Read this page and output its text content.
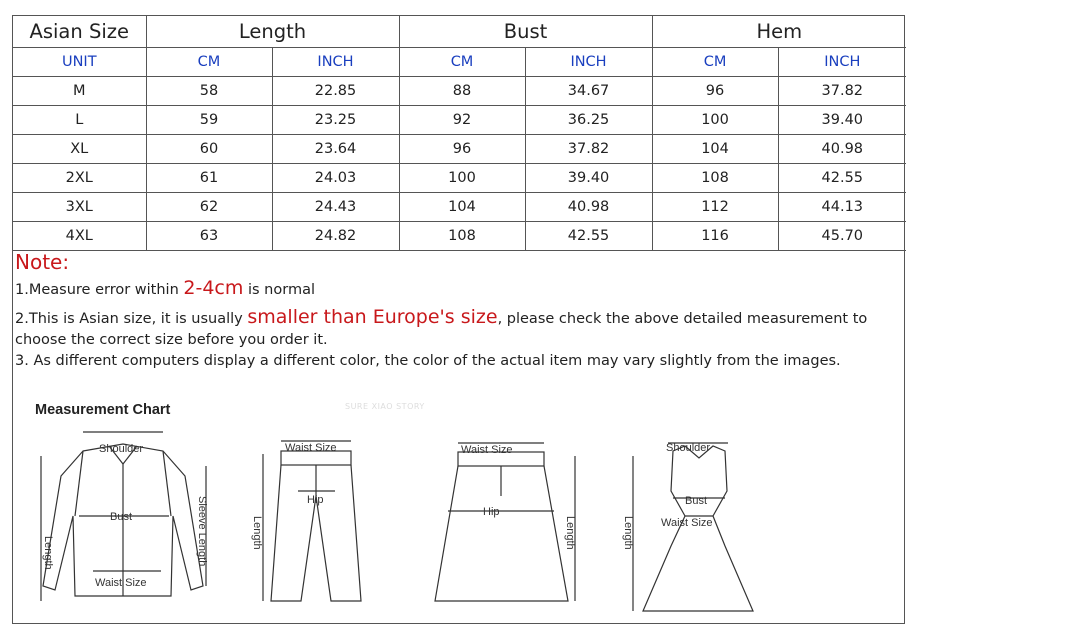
Asian Size	Length		Bust		Hem	
UNIT	CM	INCH	CM	INCH	CM	INCH
M	58	22.85	88	34.67	96	37.82
L	59	23.25	92	36.25	100	39.40
XL	60	23.64	96	37.82	104	40.98
2XL	61	24.03	100	39.40	108	42.55
3XL	62	24.43	104	40.98	112	44.13
4XL	63	24.82	108	42.55	116	45.70

Note:

1.Measure error within 2-4cm is normal

2.This is Asian size, it is usually smaller than Europe's size, please check the above detailed measurement to choose the correct size before you order it.

3. As different computers display a different color, the color of the actual item may vary slightly from the images.

Measurement Chart	SURE XIAO STORY
Shoulder
Bust
Waist Size
Length	Sleeve Length
Waist Size
Hip
Length
Waist Size
Hip
Length
Shoulder
Bust
Waist Size
Length
